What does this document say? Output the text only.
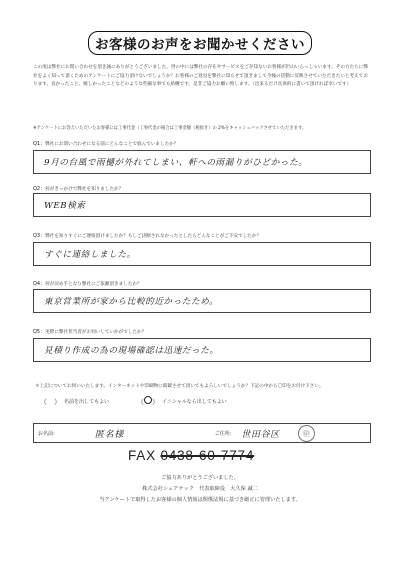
お客様のお声をお聞かせください
この度は弊社にお問い合わせを頂き誠にありがとうございました。世の中には弊社の存在やサービスをご存知ないお客様が沢山いらっしゃいます。その方たちに弊社をよく知って頂くためのアンケートにご協力頂けないでしょうか？お客様のご意見を弊社に知らせて頂きまして今後の活動に反映させていただきたいと考えております。良かったこと、嬉しかったことなどのような些細な事でも結構です。是非ご協力お願い致します。（出来るだけ具体的に書いて頂ければ幸いです）
※アンケートにお答えいただいたお客様には工事代金（工事代金の場合は工事金額（税抜き）の 2%をキャッシュバックさせていただきます。
Q1：弊社にお問い合わせになる前にどんなことで悩んでいましたか？
9月の台風で雨樋が外れてしまい、軒への雨漏りがひどかった。
Q2：何がきっかけで弊社を知りましたか？
WEB検索
Q3：弊社を知りすぐにご連絡頂けましたか？もしご決断されなかったとしたらどんなことがご不安でしたか？
すぐに連絡しました。
Q4：何が決め手となり弊社にご依頼頂きましたか？
東京営業所が家から比較的近かったため。
Q5：実際に弊社担当者がお伺いしていかがでしたか？
見積り作成の為の現場確認は迅速だった。
＊上記についてお伺いいたします。インターネットや印刷物に掲載させて頂いてもよろしいでしょうか？下記の中から〇印をお付け下さい。
（　） 名前を出してもよい	（ ） イニシャルなら出してもよい
お名前:	匿名様	ご住所: 世田谷区	㊞
FAX 0438-60-7774
ご協力ありがとうございました。
株式会社シェアテック　代表取締役　大久保 誠二
当アンケートで取得したお客様の個人情報は関係法規に基づき厳正に管理いたします。
